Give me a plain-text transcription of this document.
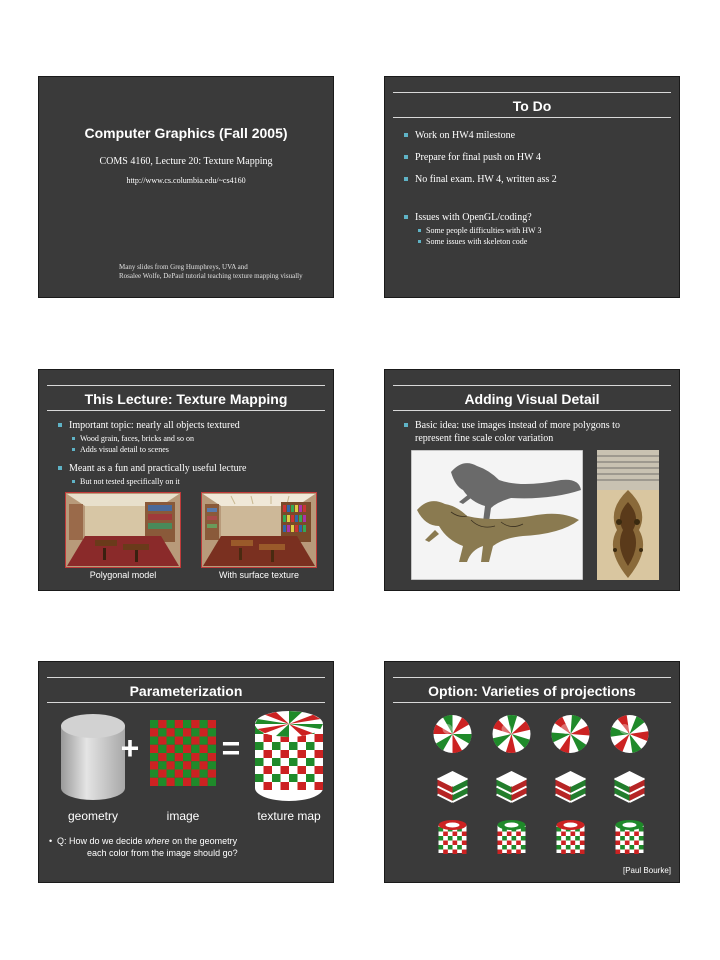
Computer Graphics (Fall 2005)
COMS 4160, Lecture 20: Texture Mapping
http://www.cs.columbia.edu/~cs4160
Many slides from Greg Humphreys, UVA and
Rosalee Wolfe, DePaul tutorial teaching texture mapping visually
To Do
Work on HW4 milestone
Prepare for final push on HW 4
No final exam. HW 4, written ass 2
Issues with OpenGL/coding?
Some people difficulties with HW 3
Some issues with skeleton code
This Lecture: Texture Mapping
Important topic: nearly all objects textured
Wood grain, faces, bricks and so on
Adds visual detail to scenes
Meant as a fun and practically useful lecture
But not tested specifically on it
Polygonal model	With surface texture
Adding Visual Detail
Basic idea: use images instead of more polygons to
represent fine scale color variation
Parameterization
+	=
geometry	image	texture map
• Q: How do we decide where on the geometry
each color from the image should go?
Option: Varieties of projections
[Paul Bourke]
